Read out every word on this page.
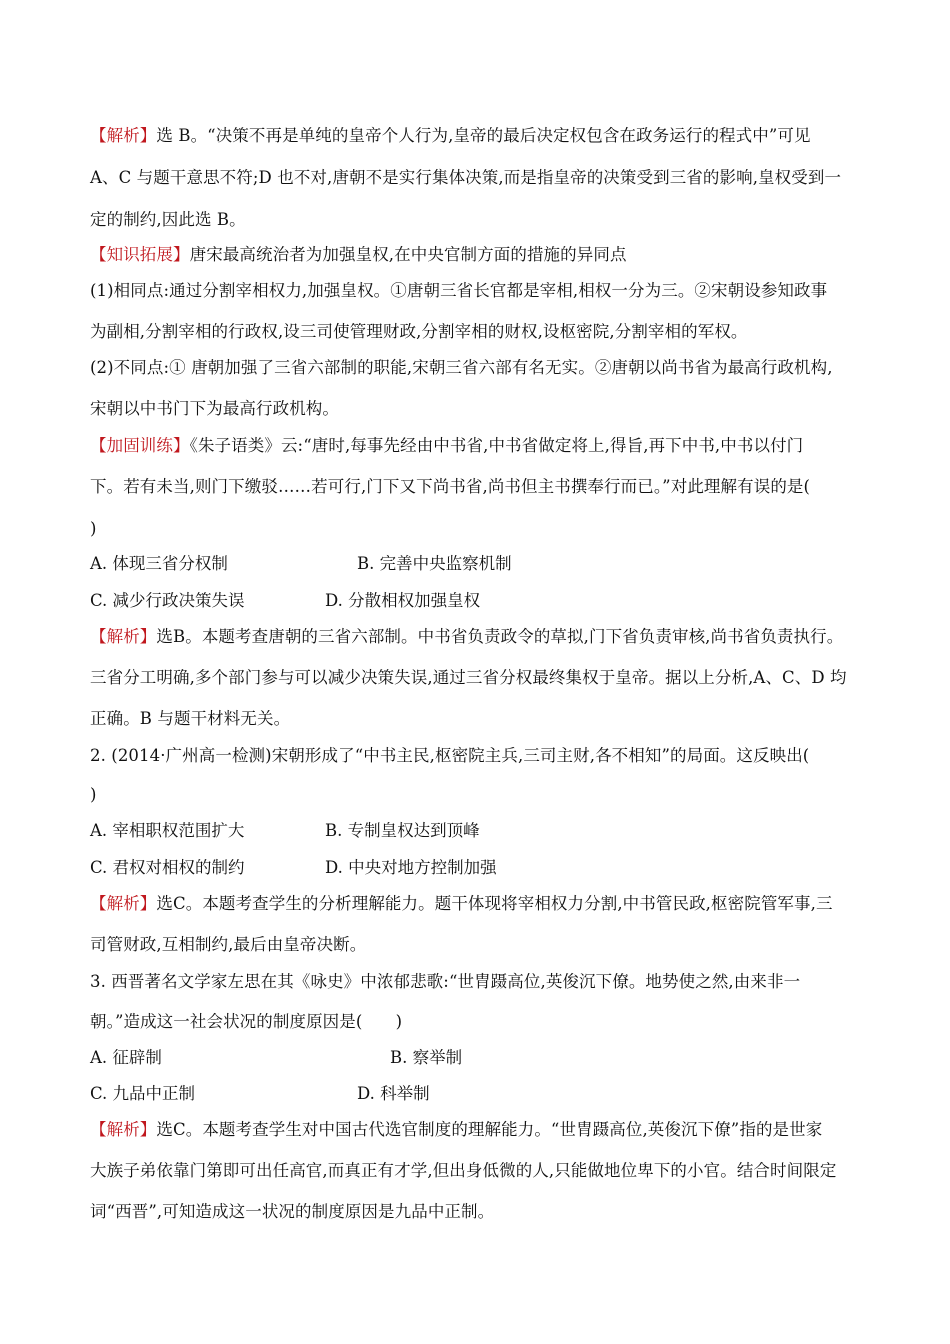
【解析】选 B。“决策不再是单纯的皇帝个人行为,皇帝的最后决定权包含在政务运行的程式中”可见
A、C 与题干意思不符;D 也不对,唐朝不是实行集体决策,而是指皇帝的决策受到三省的影响,皇权受到一
定的制约,因此选 B。
【知识拓展】唐宋最高统治者为加强皇权,在中央官制方面的措施的异同点
(1)相同点:通过分割宰相权力,加强皇权。①唐朝三省长官都是宰相,相权一分为三。②宋朝设参知政事
为副相,分割宰相的行政权,设三司使管理财政,分割宰相的财权,设枢密院,分割宰相的军权。
(2)不同点:① 唐朝加强了三省六部制的职能,宋朝三省六部有名无实。②唐朝以尚书省为最高行政机构,
宋朝以中书门下为最高行政机构。
【加固训练】《朱子语类》云:“唐时,每事先经由中书省,中书省做定将上,得旨,再下中书,中书以付门
下。若有未当,则门下缴驳……若可行,门下又下尚书省,尚书但主书撰奉行而已。”对此理解有误的是(
)
A. 体现三省分权制	B. 完善中央监察机制
C. 减少行政决策失误	D. 分散相权加强皇权
【解析】选B。本题考查唐朝的三省六部制。中书省负责政令的草拟,门下省负责审核,尚书省负责执行。
三省分工明确,多个部门参与可以减少决策失误,通过三省分权最终集权于皇帝。据以上分析,A、C、D 均
正确。B 与题干材料无关。
2. (2014·广州高一检测)宋朝形成了“中书主民,枢密院主兵,三司主财,各不相知”的局面。这反映出(
)
A. 宰相职权范围扩大	B. 专制皇权达到顶峰
C. 君权对相权的制约	D. 中央对地方控制加强
【解析】选C。本题考查学生的分析理解能力。题干体现将宰相权力分割,中书管民政,枢密院管军事,三
司管财政,互相制约,最后由皇帝决断。
3. 西晋著名文学家左思在其《咏史》中浓郁悲歌:“世胄蹑高位,英俊沉下僚。地势使之然,由来非一
朝。”造成这一社会状况的制度原因是(　　)
A. 征辟制	B. 察举制
C. 九品中正制	D. 科举制
【解析】选C。本题考查学生对中国古代选官制度的理解能力。“世胄蹑高位,英俊沉下僚”指的是世家
大族子弟依靠门第即可出任高官,而真正有才学,但出身低微的人,只能做地位卑下的小官。结合时间限定
词“西晋”,可知造成这一状况的制度原因是九品中正制。
